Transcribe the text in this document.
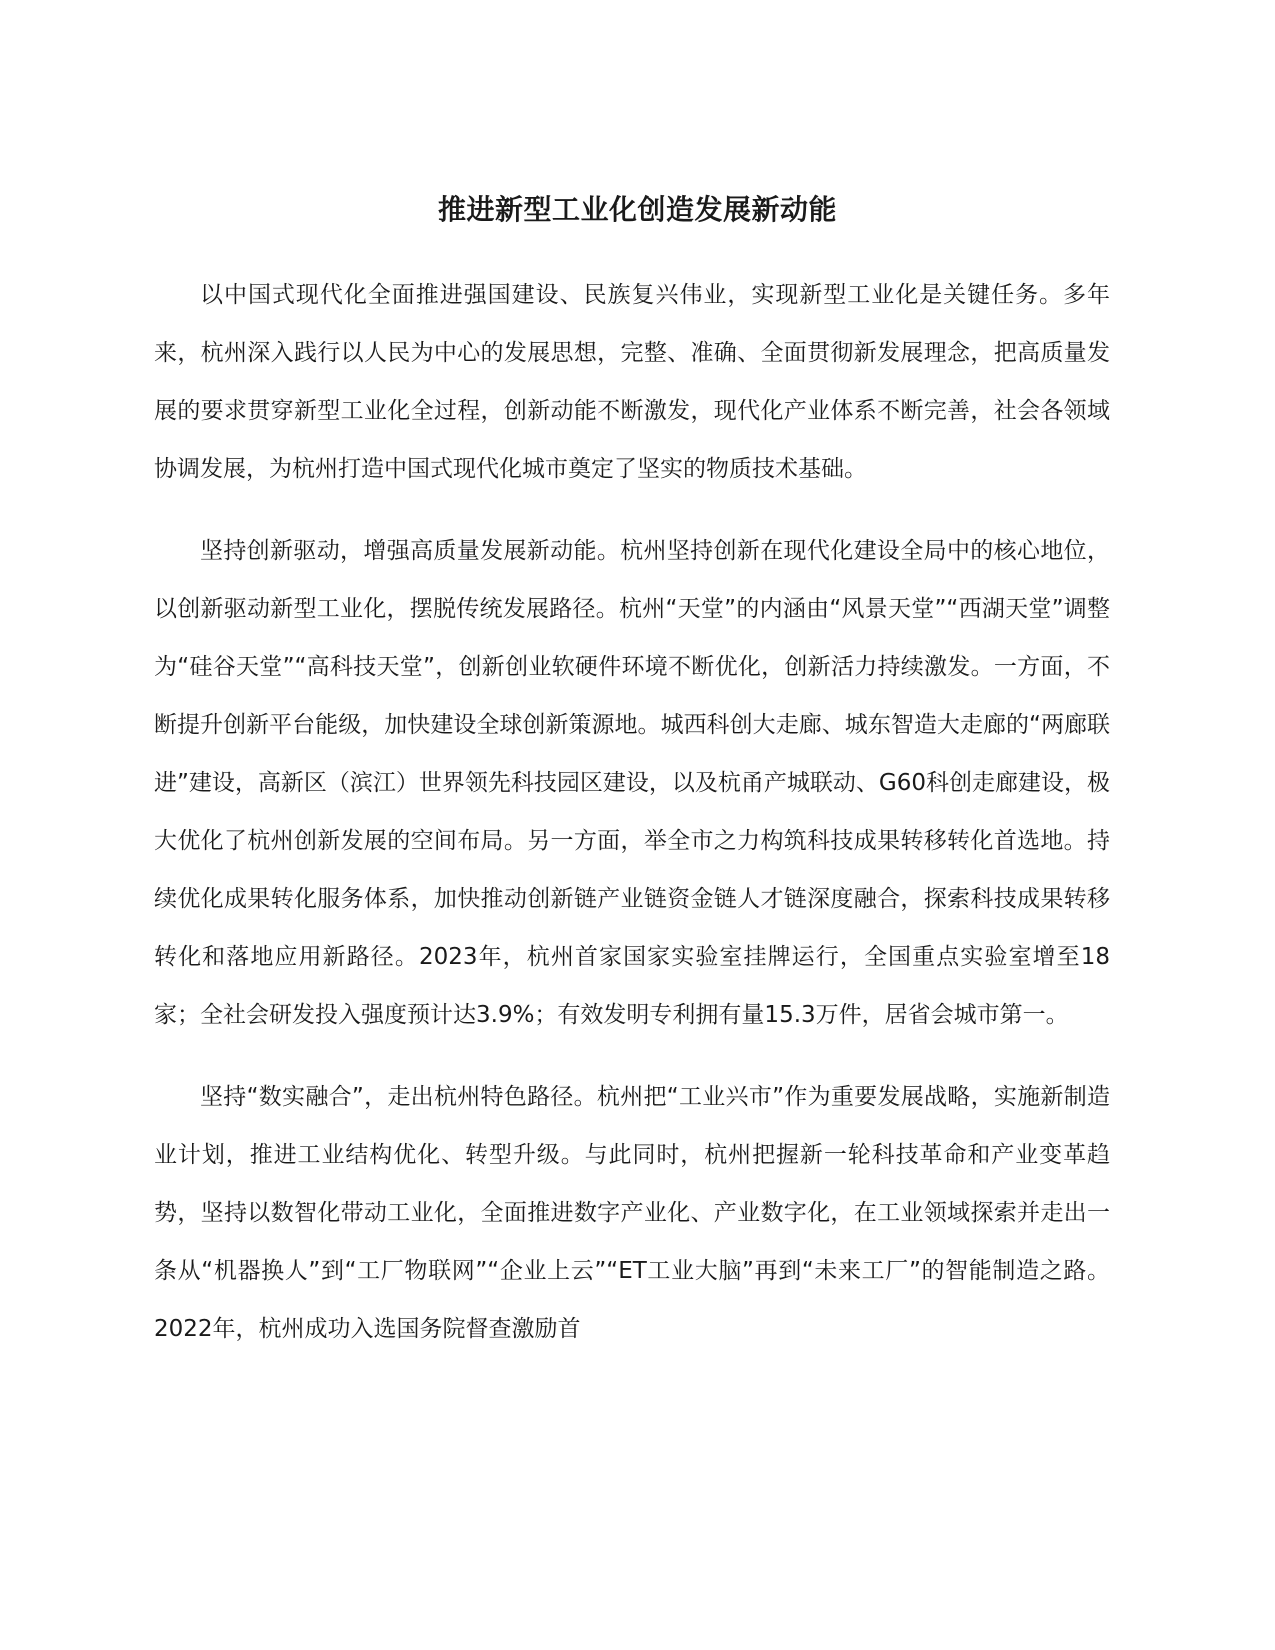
推进新型工业化创造发展新动能

以中国式现代化全面推进强国建设、民族复兴伟业，实现新型工业化是关键任务。多年来，杭州深入践行以人民为中心的发展思想，完整、准确、全面贯彻新发展理念，把高质量发展的要求贯穿新型工业化全过程，创新动能不断激发，现代化产业体系不断完善，社会各领域协调发展，为杭州打造中国式现代化城市奠定了坚实的物质技术基础。

坚持创新驱动，增强高质量发展新动能。杭州坚持创新在现代化建设全局中的核心地位，以创新驱动新型工业化，摆脱传统发展路径。杭州“天堂”的内涵由“风景天堂”“西湖天堂”调整为“硅谷天堂”“高科技天堂”，创新创业软硬件环境不断优化，创新活力持续激发。一方面，不断提升创新平台能级，加快建设全球创新策源地。城西科创大走廊、城东智造大走廊的“两廊联进”建设，高新区（滨江）世界领先科技园区建设，以及杭甬产城联动、G60科创走廊建设，极大优化了杭州创新发展的空间布局。另一方面，举全市之力构筑科技成果转移转化首选地。持续优化成果转化服务体系，加快推动创新链产业链资金链人才链深度融合，探索科技成果转移转化和落地应用新路径。2023年，杭州首家国家实验室挂牌运行，全国重点实验室增至18家；全社会研发投入强度预计达3.9%；有效发明专利拥有量15.3万件，居省会城市第一。

坚持“数实融合”，走出杭州特色路径。杭州把“工业兴市”作为重要发展战略，实施新制造业计划，推进工业结构优化、转型升级。与此同时，杭州把握新一轮科技革命和产业变革趋势，坚持以数智化带动工业化，全面推进数字产业化、产业数字化，在工业领域探索并走出一条从“机器换人”到“工厂物联网”“企业上云”“ET工业大脑”再到“未来工厂”的智能制造之路。2022年，杭州成功入选国务院督查激励首
